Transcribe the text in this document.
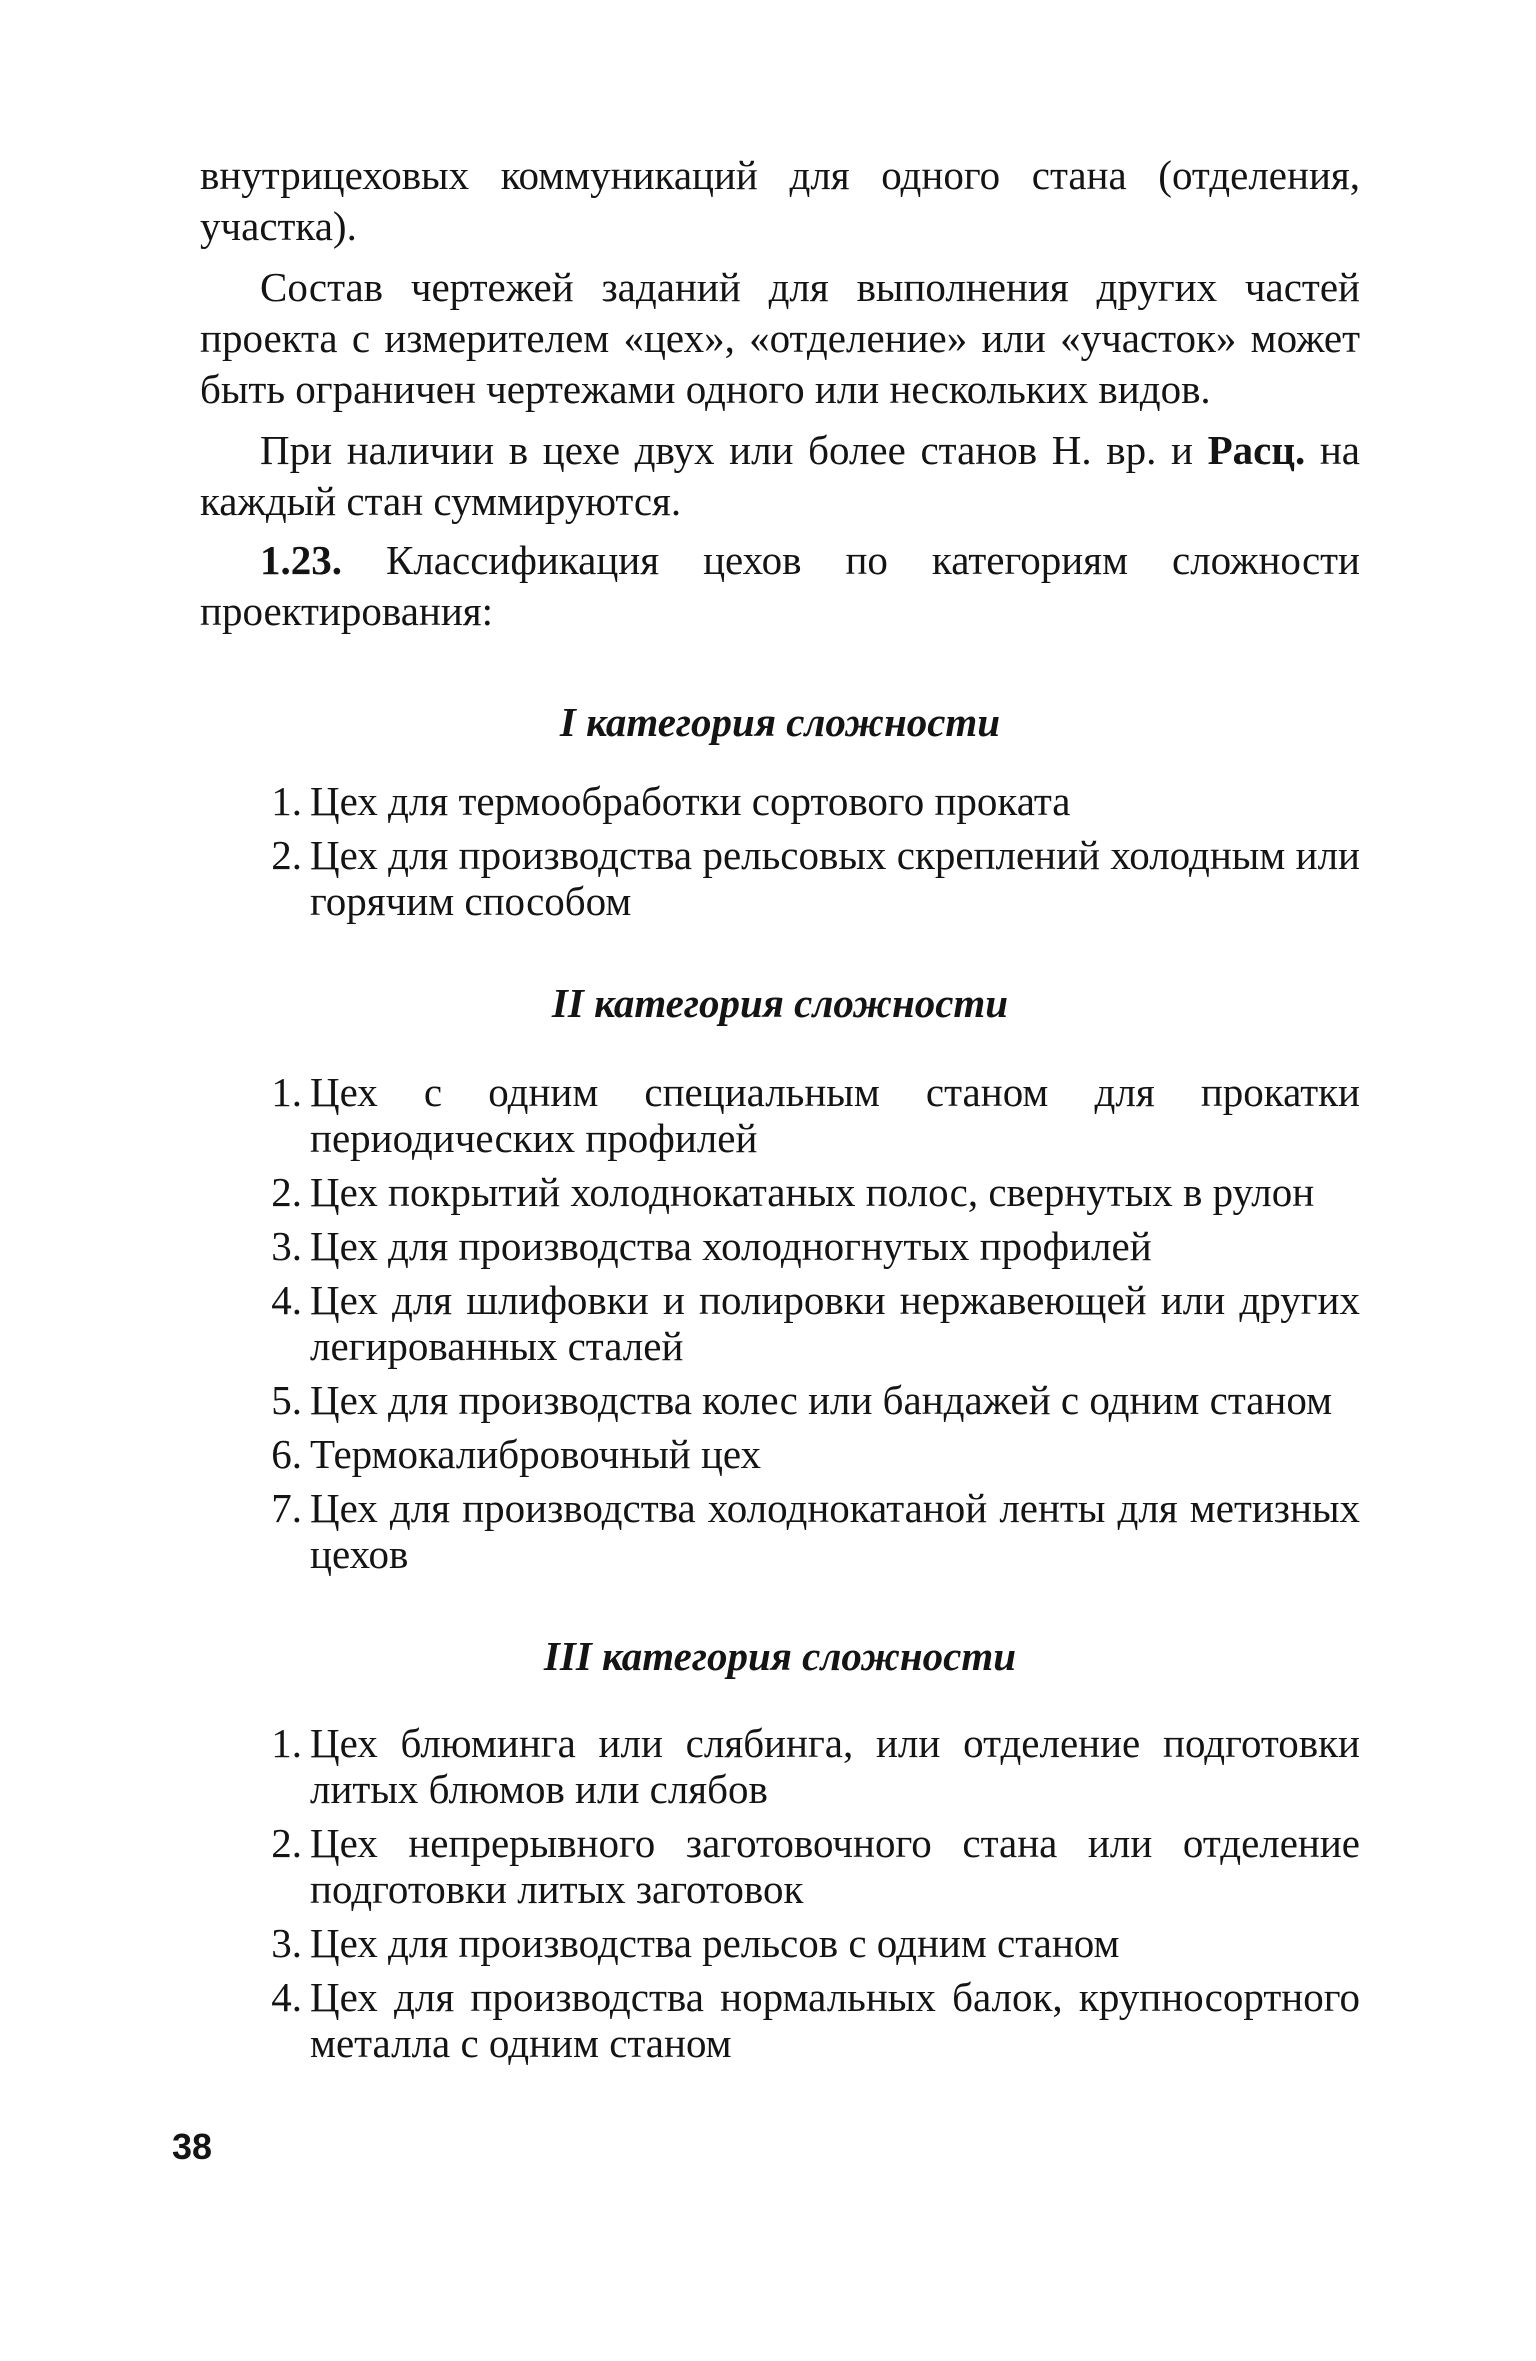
внутрицеховых коммуникаций для одного стана (отделения, участка).

Состав чертежей заданий для выполнения других частей проекта с измерителем «цех», «отделение» или «участок» может быть ограничен чертежами одного или нескольких видов.

При наличии в цехе двух или более станов Н. вр. и Расц. на каждый стан суммируются.

1.23. Классификация цехов по категориям сложности проектирования:

I категория сложности
1. Цех для термообработки сортового проката
2. Цех для производства рельсовых скреплений холодным или горячим способом
II категория сложности
1. Цех с одним специальным станом для прокатки периодических профилей
2. Цех покрытий холоднокатаных полос, свернутых в рулон
3. Цех для производства холодногнутых профилей
4. Цех для шлифовки и полировки нержавеющей или других легированных сталей
5. Цех для производства колес или бандажей с одним станом
6. Термокалибровочный цех
7. Цех для производства холоднокатаной ленты для метизных цехов
III категория сложности
1. Цех блюминга или слябинга, или отделение подготовки литых блюмов или слябов
2. Цех непрерывного заготовочного стана или отделение подготовки литых заготовок
3. Цех для производства рельсов с одним станом
4. Цех для производства нормальных балок, крупносортного металла с одним станом
38
